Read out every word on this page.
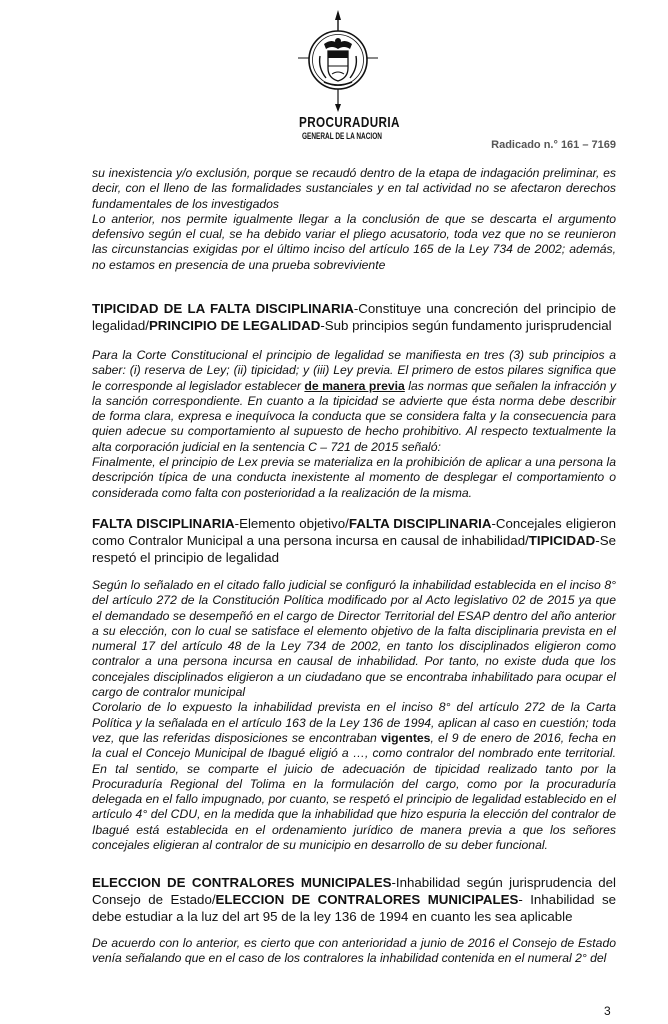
PROCURADURIA
GENERAL DE LA NACION
Radicado n.° 161 – 7169

su inexistencia y/o exclusión, porque se recaudó dentro de la etapa de indagación preliminar, es decir, con el lleno de las formalidades sustanciales y en tal actividad no se afectaron derechos fundamentales de los investigados

Lo anterior, nos permite igualmente llegar a la conclusión de que se descarta el argumento defensivo según el cual, se ha debido variar el pliego acusatorio, toda vez que no se reunieron las circunstancias exigidas por el último inciso del artículo 165 de la Ley 734 de 2002; además, no estamos en presencia de una prueba sobreviviente

TIPICIDAD DE LA FALTA DISCIPLINARIA-Constituye una concreción del principio de legalidad/PRINCIPIO DE LEGALIDAD-Sub principios según fundamento jurisprudencial

Para la Corte Constitucional el principio de legalidad se manifiesta en tres (3) sub principios a saber: (i) reserva de Ley; (ii) tipicidad; y (iii) Ley previa. El primero de estos pilares significa que le corresponde al legislador establecer de manera previa las normas que señalen la infracción y la sanción correspondiente. En cuanto a la tipicidad se advierte que ésta norma debe describir de forma clara, expresa e inequívoca la conducta que se considera falta y la consecuencia para quien adecue su comportamiento al supuesto de hecho prohibitivo. Al respecto textualmente la alta corporación judicial en la sentencia C – 721 de 2015 señaló:

Finalmente, el principio de Lex previa se materializa en la prohibición de aplicar a una persona la descripción típica de una conducta inexistente al momento de desplegar el comportamiento o considerada como falta con posterioridad a la realización de la misma.

FALTA DISCIPLINARIA-Elemento objetivo/FALTA DISCIPLINARIA-Concejales eligieron como Contralor Municipal a una persona incursa en causal de inhabilidad/TIPICIDAD-Se respetó el principio de legalidad

Según lo señalado en el citado fallo judicial se configuró la inhabilidad establecida en el inciso 8° del artículo 272 de la Constitución Política modificado por al Acto legislativo 02 de 2015 ya que el demandado se desempeñó en el cargo de Director Territorial del ESAP dentro del año anterior a su elección, con lo cual se satisface el elemento objetivo de la falta disciplinaria prevista en el numeral 17 del artículo 48 de la Ley 734 de 2002, en tanto los disciplinados eligieron como contralor a una persona incursa en causal de inhabilidad. Por tanto, no existe duda que los concejales disciplinados eligieron a un ciudadano que se encontraba inhabilitado para ocupar el cargo de contralor municipal

Corolario de lo expuesto la inhabilidad prevista en el inciso 8° del artículo 272 de la Carta Política y la señalada en el artículo 163 de la Ley 136 de 1994, aplican al caso en cuestión; toda vez, que las referidas disposiciones se encontraban vigentes, el 9 de enero de 2016, fecha en la cual el Concejo Municipal de Ibagué eligió a …, como contralor del nombrado ente territorial. En tal sentido, se comparte el juicio de adecuación de tipicidad realizado tanto por la Procuraduría Regional del Tolima en la formulación del cargo, como por la procuraduría delegada en el fallo impugnado, por cuanto, se respetó el principio de legalidad establecido en el artículo 4° del CDU, en la medida que la inhabilidad que hizo espuria la elección del contralor de Ibagué está establecida en el ordenamiento jurídico de manera previa a que los señores concejales eligieran al contralor de su municipio en desarrollo de su deber funcional.

ELECCION DE CONTRALORES MUNICIPALES-Inhabilidad según jurisprudencia del Consejo de Estado/ELECCION DE CONTRALORES MUNICIPALES- Inhabilidad se debe estudiar a la luz del art 95 de la ley 136 de 1994 en cuanto les sea aplicable

De acuerdo con lo anterior, es cierto que con anterioridad a junio de 2016 el Consejo de Estado venía señalando que en el caso de los contralores la inhabilidad contenida en el numeral 2° del

3
